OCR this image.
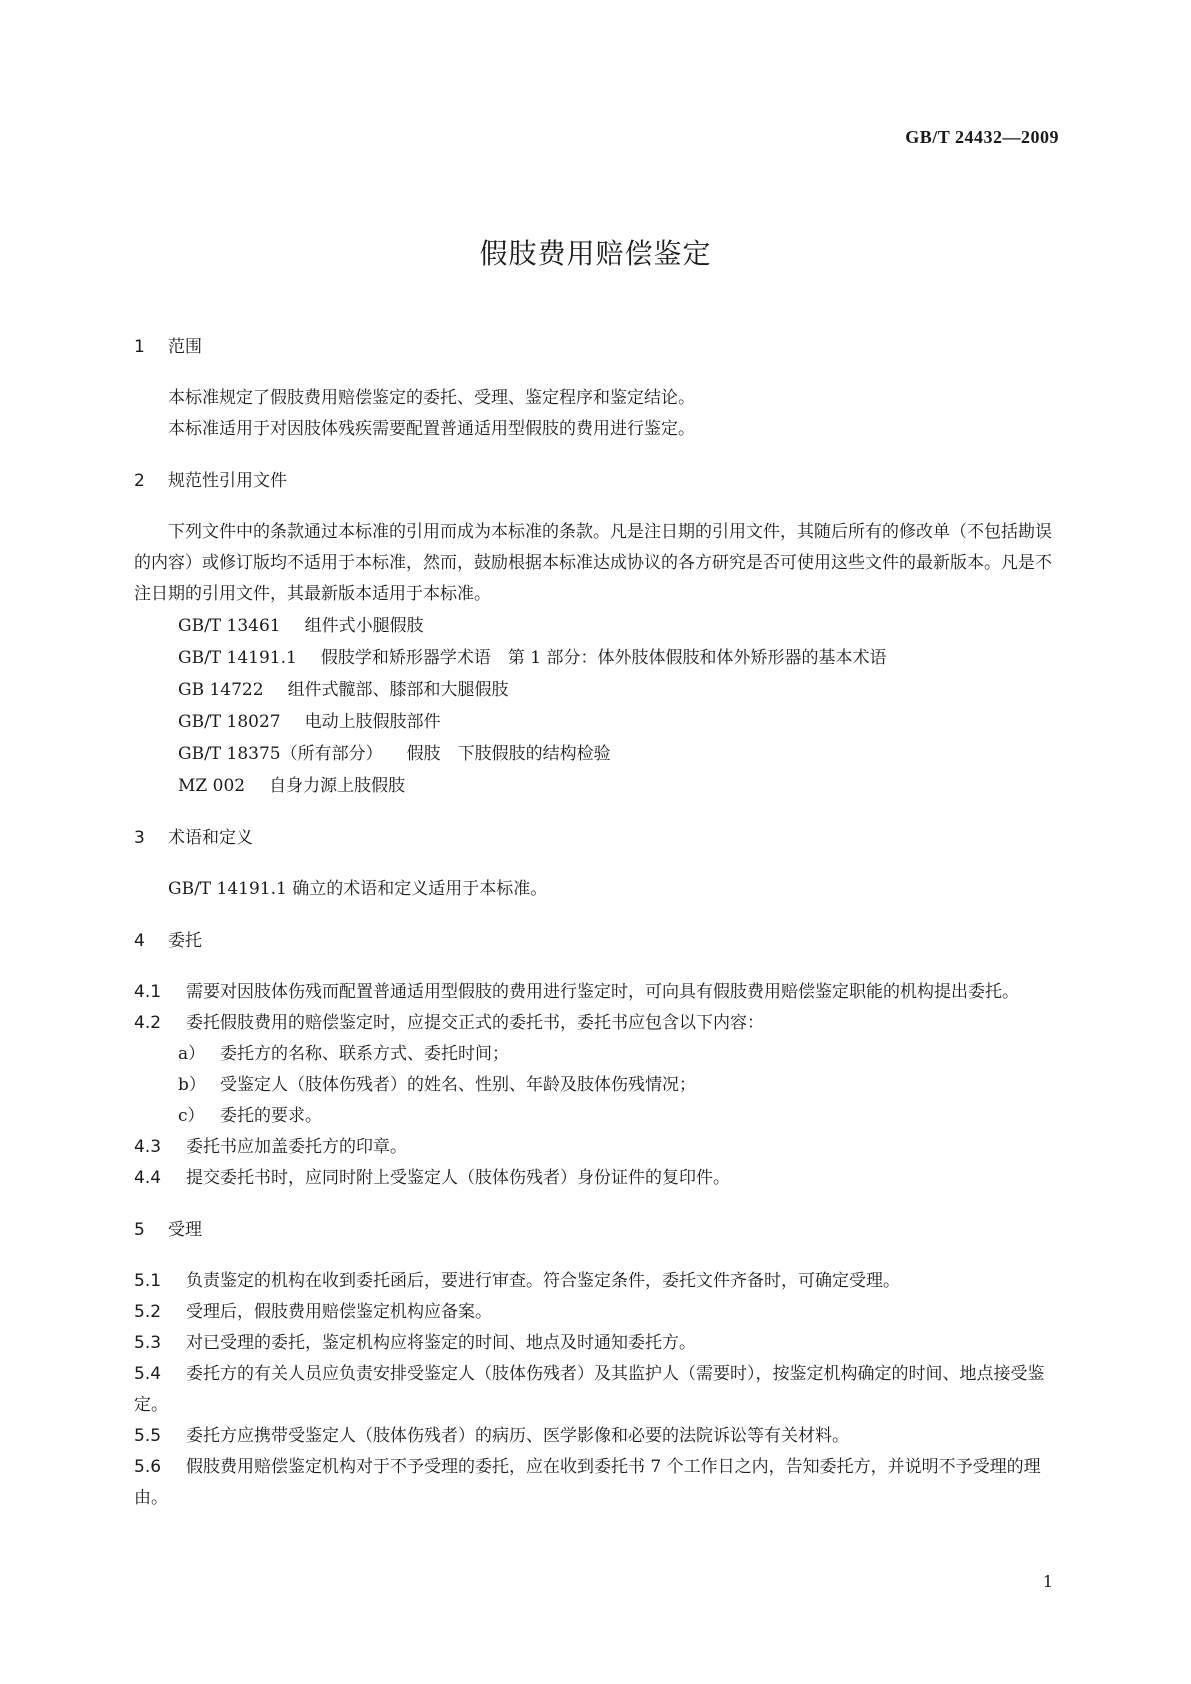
GB/T 24432—2009
假肢费用赔偿鉴定
1 范围

本标准规定了假肢费用赔偿鉴定的委托、受理、鉴定程序和鉴定结论。

本标准适用于对因肢体残疾需要配置普通适用型假肢的费用进行鉴定。

2 规范性引用文件

下列文件中的条款通过本标准的引用而成为本标准的条款。凡是注日期的引用文件，其随后所有的修改单（不包括勘误的内容）或修订版均不适用于本标准，然而，鼓励根据本标准达成协议的各方研究是否可使用这些文件的最新版本。凡是不注日期的引用文件，其最新版本适用于本标准。

GB/T 13461 组件式小腿假肢
GB/T 14191.1 假肢学和矫形器学术语　第 1 部分：体外肢体假肢和体外矫形器的基本术语
GB 14722 组件式髋部、膝部和大腿假肢
GB/T 18027 电动上肢假肢部件
GB/T 18375（所有部分） 假肢　下肢假肢的结构检验
MZ 002 自身力源上肢假肢
3 术语和定义

GB/T 14191.1 确立的术语和定义适用于本标准。

4 委托

4.1 需要对因肢体伤残而配置普通适用型假肢的费用进行鉴定时，可向具有假肢费用赔偿鉴定职能的机构提出委托。

4.2 委托假肢费用的赔偿鉴定时，应提交正式的委托书，委托书应包含以下内容：

a） 委托方的名称、联系方式、委托时间；
b） 受鉴定人（肢体伤残者）的姓名、性别、年龄及肢体伤残情况；
c） 委托的要求。

4.3 委托书应加盖委托方的印章。

4.4 提交委托书时，应同时附上受鉴定人（肢体伤残者）身份证件的复印件。

5 受理

5.1 负责鉴定的机构在收到委托函后，要进行审查。符合鉴定条件，委托文件齐备时，可确定受理。

5.2 受理后，假肢费用赔偿鉴定机构应备案。

5.3 对已受理的委托，鉴定机构应将鉴定的时间、地点及时通知委托方。

5.4 委托方的有关人员应负责安排受鉴定人（肢体伤残者）及其监护人（需要时），按鉴定机构确定的时间、地点接受鉴定。

5.5 委托方应携带受鉴定人（肢体伤残者）的病历、医学影像和必要的法院诉讼等有关材料。

5.6 假肢费用赔偿鉴定机构对于不予受理的委托，应在收到委托书 7 个工作日之内，告知委托方，并说明不予受理的理由。

1
